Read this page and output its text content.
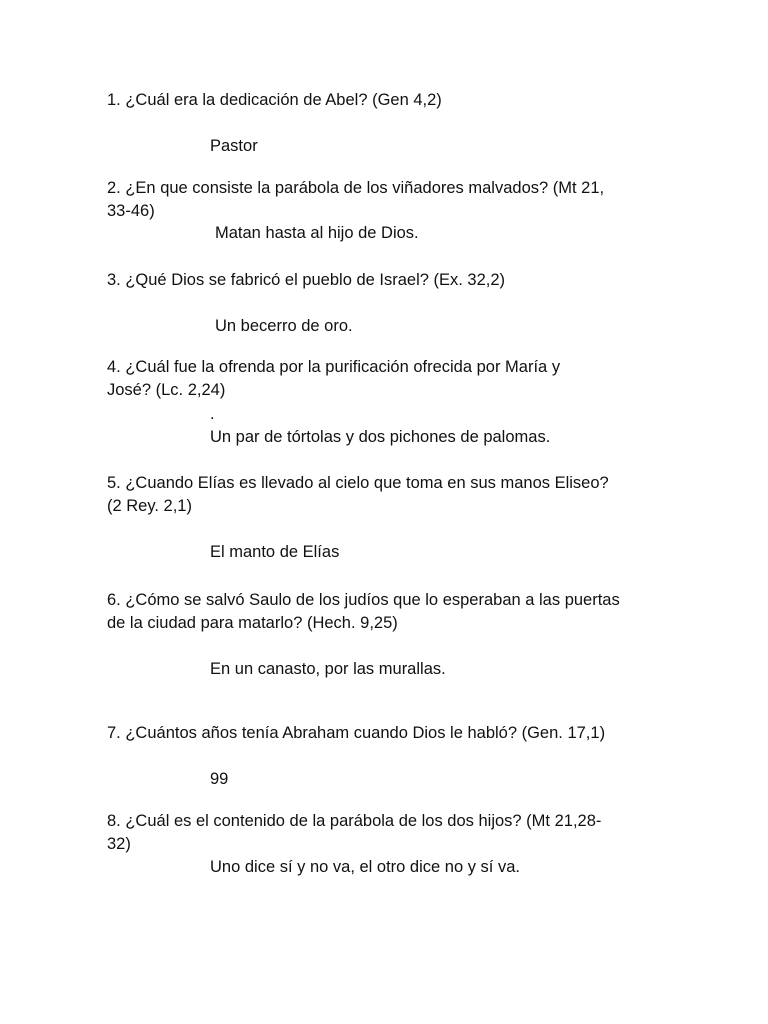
1. ¿Cuál era la dedicación de Abel? (Gen 4,2)
Pastor
2. ¿En que consiste la parábola de los viñadores malvados? (Mt 21,
33-46)
Matan hasta al hijo de Dios.
3. ¿Qué Dios se fabricó el pueblo de Israel? (Ex. 32,2)
Un becerro de oro.
4. ¿Cuál fue la ofrenda por la purificación ofrecida por María y
José? (Lc. 2,24)
.
Un par de tórtolas y dos pichones de palomas.
5. ¿Cuando Elías es llevado al cielo que toma en sus manos Eliseo?
(2 Rey. 2,1)
El manto de Elías
6. ¿Cómo se salvó Saulo de los judíos que lo esperaban a las puertas
de la ciudad para matarlo? (Hech. 9,25)
En un canasto, por las murallas.
7. ¿Cuántos años tenía Abraham cuando Dios le habló? (Gen. 17,1)
99
8. ¿Cuál es el contenido de la parábola de los dos hijos? (Mt 21,28-
32)
Uno dice sí y no va, el otro dice no y sí va.
